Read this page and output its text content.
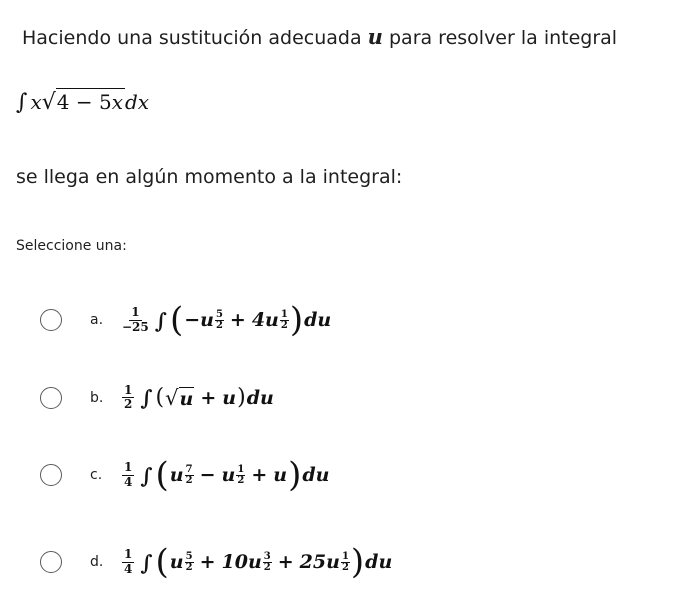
Haciendo una sustitución adecuada u para resolver la integral
∫ x √ 4 − 5x dx
se llega en algún momento a la integral:
Seleccione una:
a.	$\frac{1}{-25}$ ∫ ( −u 5
2 + 4u 1
2 ) du
b.	$\frac{1}{2}$ ∫ ( √ u + u ) du
c.	$\frac{1}{4}$ ∫ ( u 7
2 − u 1
2 + u ) du
d.	$\frac{1}{4}$ ∫ ( u 5
2 + 10u 3
2 + 25u 1
2 ) du
